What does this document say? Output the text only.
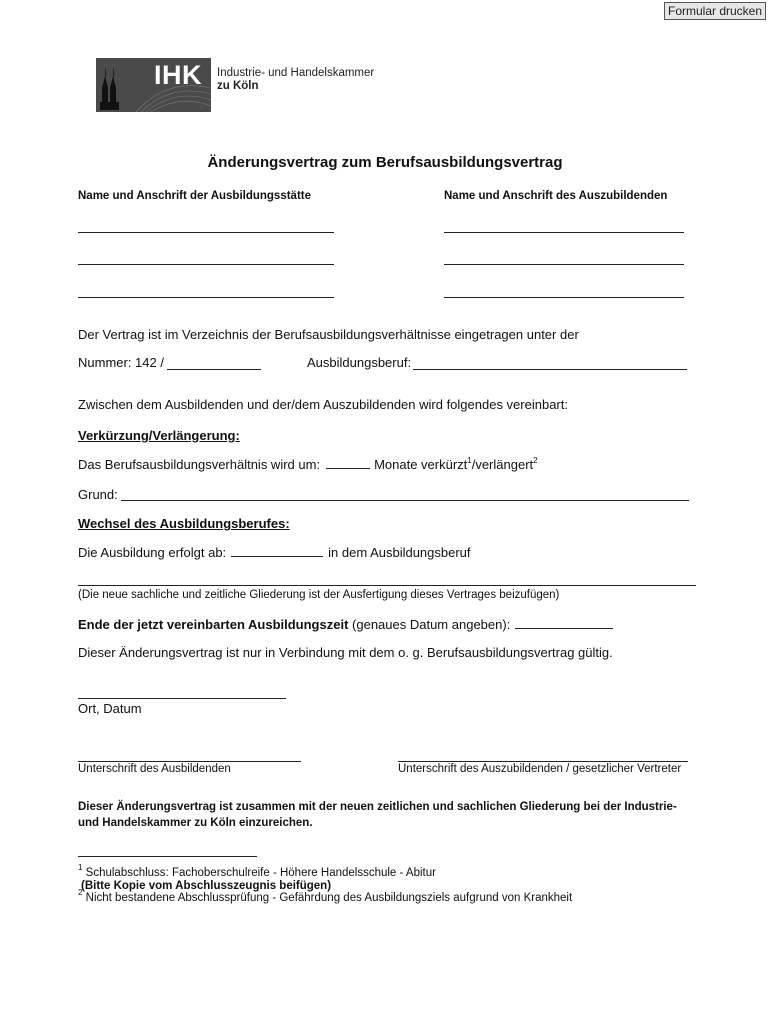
Formular drucken
IHK Industrie- und Handelskammer
zu Köln
Änderungsvertrag zum Berufsausbildungsvertrag
Name und Anschrift der Ausbildungsstätte	Name und Anschrift des Auszubildenden
Der Vertrag ist im Verzeichnis der Berufsausbildungsverhältnisse eingetragen unter der
Nummer: 142 /	Ausbildungsberuf:
Zwischen dem Ausbildenden und der/dem Auszubildenden wird folgendes vereinbart:
Verkürzung/Verlängerung:
Das Berufsausbildungsverhältnis wird um:	Monate verkürzt$^1$/verlängert$^2$
Grund:
Wechsel des Ausbildungsberufes:
Die Ausbildung erfolgt ab:	in dem Ausbildungsberuf
(Die neue sachliche und zeitliche Gliederung ist der Ausfertigung dieses Vertrages beizufügen)
Ende der jetzt vereinbarten Ausbildungszeit (genaues Datum angeben):
Dieser Änderungsvertrag ist nur in Verbindung mit dem o. g. Berufsausbildungsvertrag gültig.
Ort, Datum
Unterschrift des Ausbildenden	Unterschrift des Auszubildenden / gesetzlicher Vertreter
Dieser Änderungsvertrag ist zusammen mit der neuen zeitlichen und sachlichen Gliederung bei der Industrie-
und Handelskammer zu Köln einzureichen.
$^1$ Schulabschluss: Fachoberschulreife - Höhere Handelsschule - Abitur
(Bitte Kopie vom Abschlusszeugnis beifügen)
$^2$ Nicht bestandene Abschlussprüfung - Gefährdung des Ausbildungsziels aufgrund von Krankheit
